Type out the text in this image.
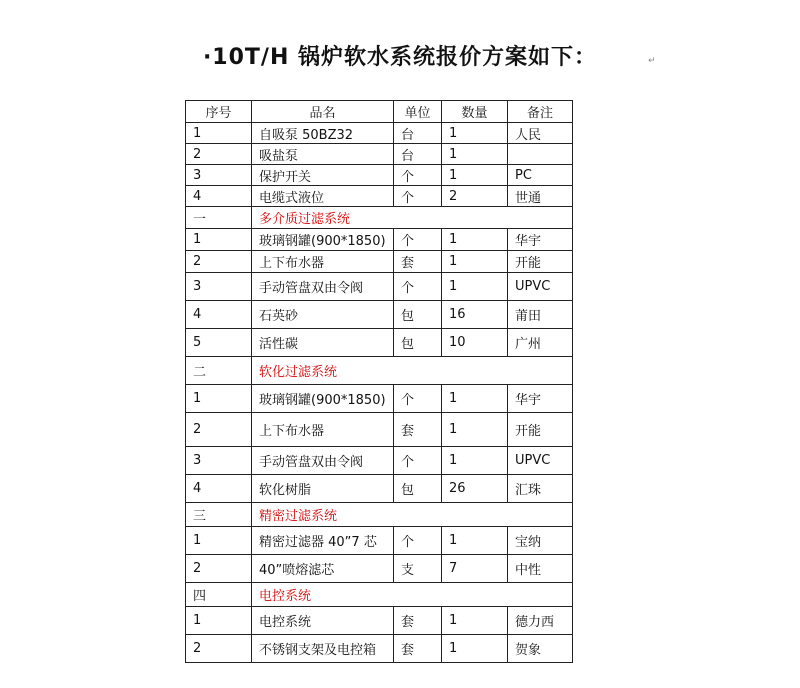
·10T/H 锅炉软水系统报价方案如下：	↵
序号	品名	单位	数量	备注
1	自吸泵 50BZ32	台	1	人民
2	吸盐泵	台	1	
3	保护开关	个	1	PC
4	电缆式液位	个	2	世通
一	多介质过滤系统			
1	玻璃钢罐(900*1850)	个	1	华宇
2	上下布水器	套	1	开能
3	手动管盘双由令阀	个	1	UPVC
4	石英砂	包	16	莆田
5	活性碳	包	10	广州
二	软化过滤系统			
1	玻璃钢罐(900*1850)	个	1	华宇
2	上下布水器	套	1	开能
3	手动管盘双由令阀	个	1	UPVC
4	软化树脂	包	26	汇珠
三	精密过滤系统			
1	精密过滤器 40”7 芯	个	1	宝纳
2	40”喷熔滤芯	支	7	中性
四	电控系统			
1	电控系统	套	1	德力西
2	不锈钢支架及电控箱	套	1	贺象
